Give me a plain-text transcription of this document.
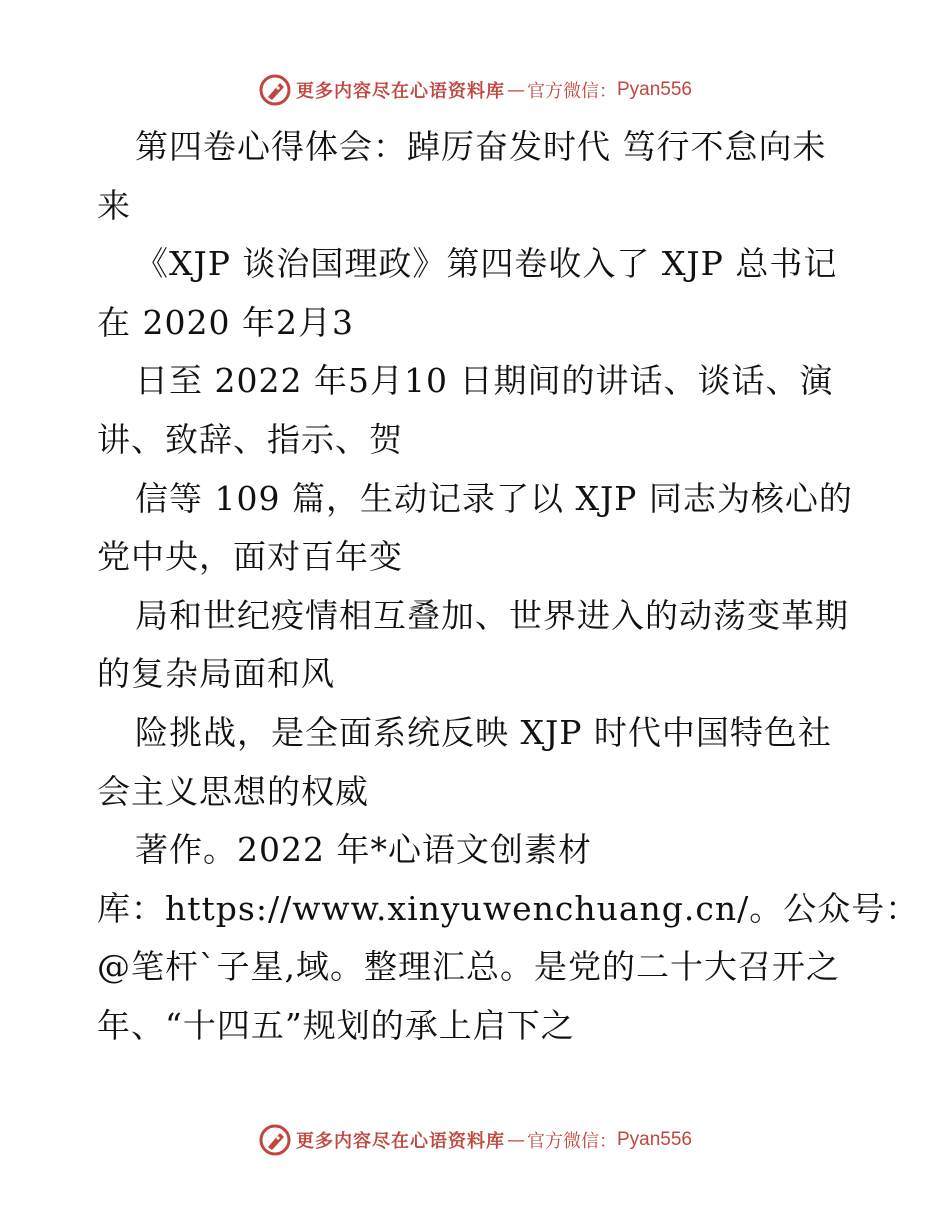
更多内容尽在心语资料库 — 官方微信： Pyan556
第四卷心得体会：踔厉奋发时代 笃行不怠向未
来
《XJP 谈治国理政》第四卷收入了 XJP 总书记
在 2020 年2月3
日至 2022 年5月10 日期间的讲话、谈话、演
讲、致辞、指示、贺
信等 109 篇，生动记录了以 XJP 同志为核心的
党中央，面对百年变
局和世纪疫情相互叠加、世界进入的动荡变革期
的复杂局面和风
险挑战，是全面系统反映 XJP 时代中国特色社
会主义思想的权威
著作。2022 年*心语文创素材
库：https://www.xinyuwenchuang.cn/。公众号：
@笔杆`子星,域。整理汇总。是党的二十大召开之
年、“十四五”规划的承上启下之
更多内容尽在心语资料库 — 官方微信： Pyan556
